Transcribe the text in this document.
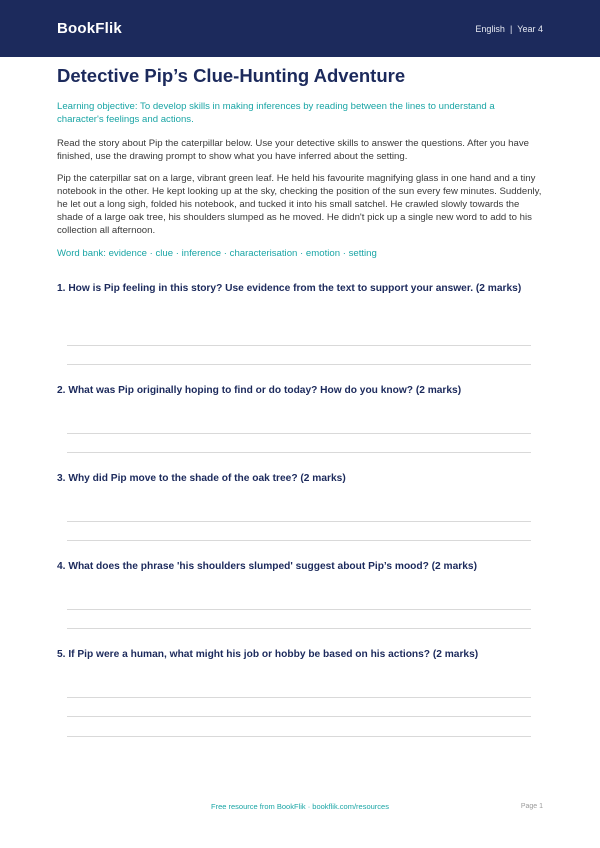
BookFlik	English | Year 4
Detective Pip’s Clue-Hunting Adventure

Learning objective: To develop skills in making inferences by reading between the lines to understand a character's feelings and actions.

Read the story about Pip the caterpillar below. Use your detective skills to answer the questions. After you have finished, use the drawing prompt to show what you have inferred about the setting.

Pip the caterpillar sat on a large, vibrant green leaf. He held his favourite magnifying glass in one hand and a tiny notebook in the other. He kept looking up at the sky, checking the position of the sun every few minutes. Suddenly, he let out a long sigh, folded his notebook, and tucked it into his small satchel. He crawled slowly towards the shade of a large oak tree, his shoulders slumped as he moved. He didn't pick up a single new word to add to his collection all afternoon.

Word bank: evidence · clue · inference · characterisation · emotion · setting

1. How is Pip feeling in this story? Use evidence from the text to support your answer. (2 marks)

2. What was Pip originally hoping to find or do today? How do you know? (2 marks)

3. Why did Pip move to the shade of the oak tree? (2 marks)

4. What does the phrase 'his shoulders slumped' suggest about Pip’s mood? (2 marks)

5. If Pip were a human, what might his job or hobby be based on his actions? (2 marks)

Free resource from BookFlik · bookflik.com/resources	Page 1
